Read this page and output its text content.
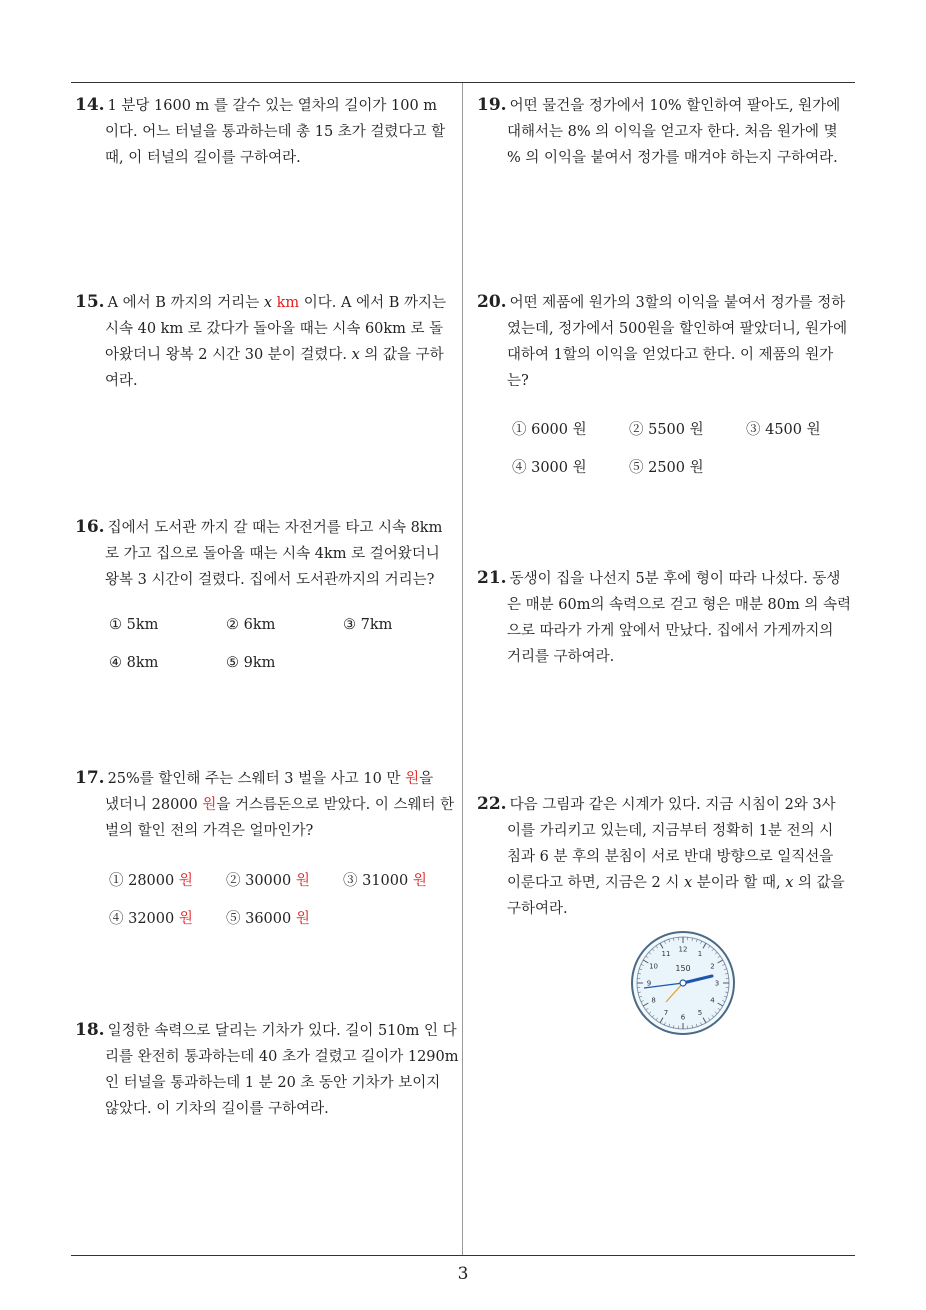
14. 1 분당 1600 m 를 갈수 있는 열차의 길이가 100 m
이다. 어느 터널을 통과하는데 총 15 초가 걸렸다고 할
때, 이 터널의 길이를 구하여라.
15. A 에서 B 까지의 거리는 x km 이다. A 에서 B 까지는
시속 40 km 로 갔다가 돌아올 때는 시속 60km 로 돌
아왔더니 왕복 2 시간 30 분이 걸렸다. x 의 값을 구하
여라.
16. 집에서 도서관 까지 갈 때는 자전거를 타고 시속 8km
로 가고 집으로 돌아올 때는 시속 4km 로 걸어왔더니
왕복 3 시간이 걸렸다. 집에서 도서관까지의 거리는?
① 5km	② 6km	③ 7km
④ 8km	⑤ 9km
17. 25%를 할인해 주는 스웨터 3 벌을 사고 10 만 원을
냈더니 28000 원을 거스름돈으로 받았다. 이 스웨터 한
벌의 할인 전의 가격은 얼마인가?
① 28000 원 ② 30000 원 ③ 31000 원
④ 32000 원 ⑤ 36000 원
18. 일정한 속력으로 달리는 기차가 있다. 길이 510m 인 다
리를 완전히 통과하는데 40 초가 걸렸고 길이가 1290m
인 터널을 통과하는데 1 분 20 초 동안 기차가 보이지
않았다. 이 기차의 길이를 구하여라.
19. 어떤 물건을 정가에서 10% 할인하여 팔아도, 원가에
대해서는 8% 의 이익을 얻고자 한다. 처음 원가에 몇
% 의 이익을 붙여서 정가를 매겨야 하는지 구하여라.
20. 어떤 제품에 원가의 3할의 이익을 붙여서 정가를 정하
였는데, 정가에서 500원을 할인하여 팔았더니, 원가에
대하여 1할의 이익을 얻었다고 한다. 이 제품의 원가
는?
① 6000 원	② 5500 원	③ 4500 원
④ 3000 원	⑤ 2500 원
21. 동생이 집을 나선지 5분 후에 형이 따라 나섰다. 동생
은 매분 60m의 속력으로 걷고 형은 매분 80m 의 속력
으로 따라가 가게 앞에서 만났다. 집에서 가게까지의
거리를 구하여라.
22. 다음 그림과 같은 시계가 있다. 지금 시침이 2와 3사
이를 가리키고 있는데, 지금부터 정확히 1분 전의 시
침과 6 분 후의 분침이 서로 반대 방향으로 일직선을
이룬다고 하면, 지금은 2 시 x 분이라 할 때, x 의 값을
구하여라.
12
1
2
3
4
5
6
7
8
9
10
11
150
3
